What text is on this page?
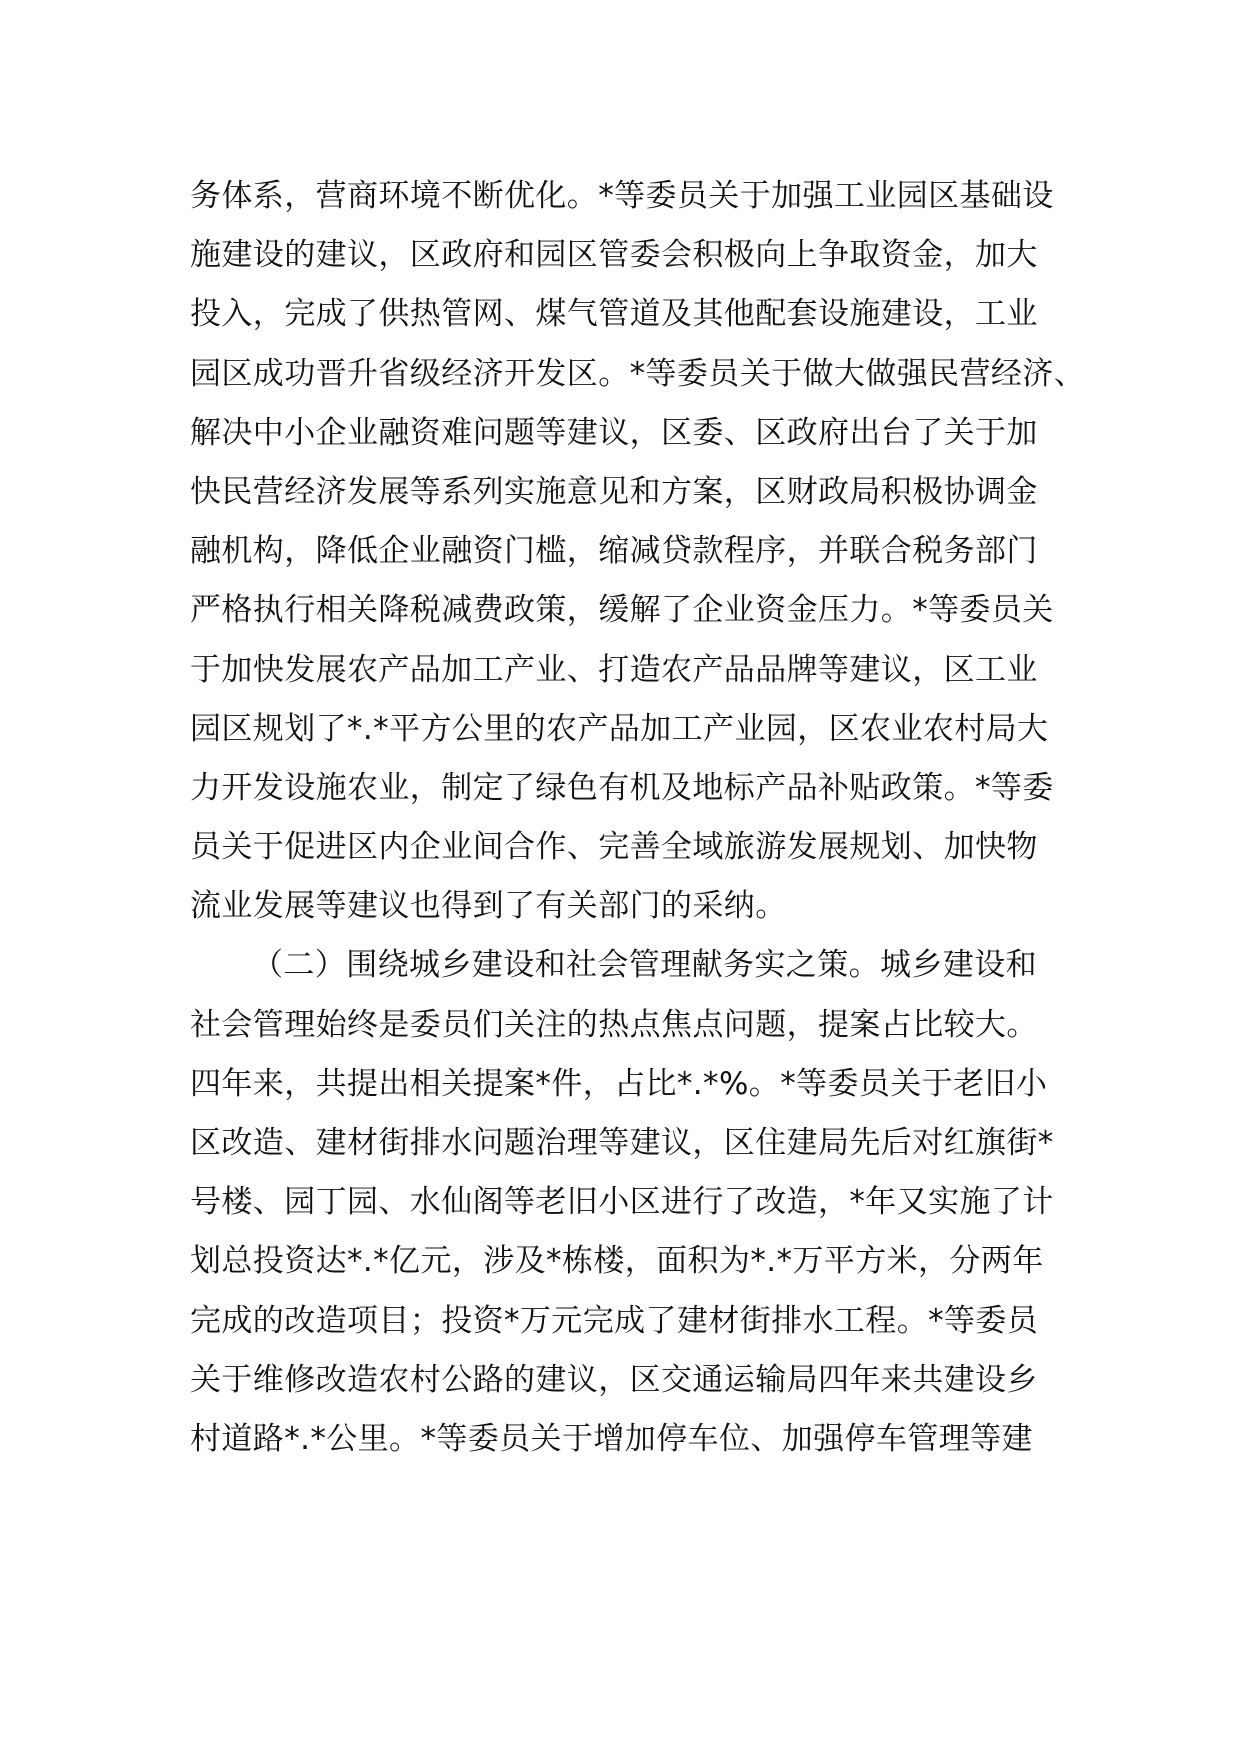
务体系，营商环境不断优化。*等委员关于加强工业园区基础设
施建设的建议，区政府和园区管委会积极向上争取资金，加大
投入，完成了供热管网、煤气管道及其他配套设施建设，工业
园区成功晋升省级经济开发区。*等委员关于做大做强民营经济、
解决中小企业融资难问题等建议，区委、区政府出台了关于加
快民营经济发展等系列实施意见和方案，区财政局积极协调金
融机构，降低企业融资门槛，缩减贷款程序，并联合税务部门
严格执行相关降税减费政策，缓解了企业资金压力。*等委员关
于加快发展农产品加工产业、打造农产品品牌等建议，区工业
园区规划了*.*平方公里的农产品加工产业园，区农业农村局大
力开发设施农业，制定了绿色有机及地标产品补贴政策。*等委
员关于促进区内企业间合作、完善全域旅游发展规划、加快物
流业发展等建议也得到了有关部门的采纳。
（二）围绕城乡建设和社会管理献务实之策。城乡建设和
社会管理始终是委员们关注的热点焦点问题，提案占比较大。
四年来，共提出相关提案*件，占比*.*%。*等委员关于老旧小
区改造、建材街排水问题治理等建议，区住建局先后对红旗街*
号楼、园丁园、水仙阁等老旧小区进行了改造，*年又实施了计
划总投资达*.*亿元，涉及*栋楼，面积为*.*万平方米，分两年
完成的改造项目；投资*万元完成了建材街排水工程。*等委员
关于维修改造农村公路的建议，区交通运输局四年来共建设乡
村道路*.*公里。*等委员关于增加停车位、加强停车管理等建
